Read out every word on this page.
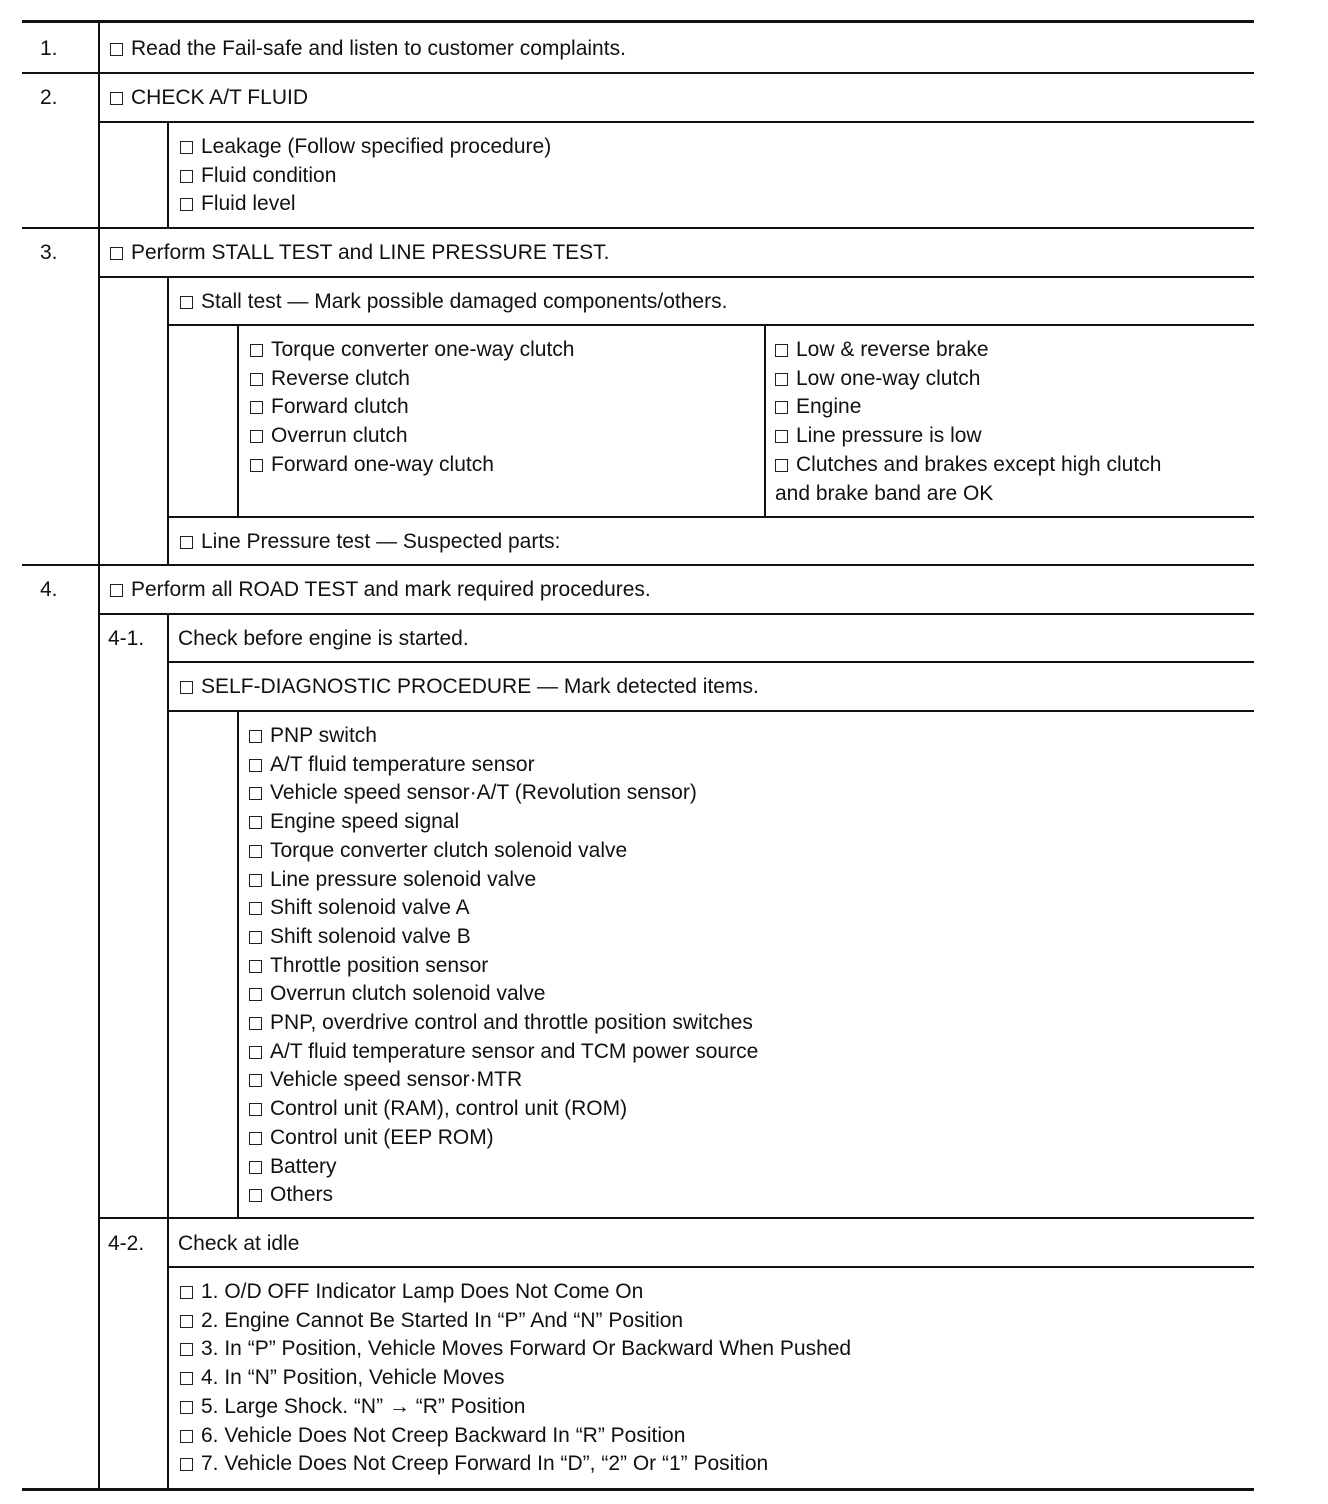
1.	Read the Fail-safe and listen to customer complaints.
2.	CHECK A/T FLUID
Leakage (Follow specified procedure)
Fluid condition
Fluid level
3.	Perform STALL TEST and LINE PRESSURE TEST.
Stall test — Mark possible damaged components/others.
Torque converter one-way clutch
Reverse clutch
Forward clutch
Overrun clutch
Forward one-way clutch
Low & reverse brake
Low one-way clutch
Engine
Line pressure is low
Clutches and brakes except high clutch
and brake band are OK
Line Pressure test — Suspected parts:
4.	Perform all ROAD TEST and mark required procedures.
4-1. Check before engine is started.
SELF-DIAGNOSTIC PROCEDURE — Mark detected items.
PNP switch
A/T fluid temperature sensor
Vehicle speed sensor·A/T (Revolution sensor)
Engine speed signal
Torque converter clutch solenoid valve
Line pressure solenoid valve
Shift solenoid valve A
Shift solenoid valve B
Throttle position sensor
Overrun clutch solenoid valve
PNP, overdrive control and throttle position switches
A/T fluid temperature sensor and TCM power source
Vehicle speed sensor·MTR
Control unit (RAM), control unit (ROM)
Control unit (EEP ROM)
Battery
Others
4-2. Check at idle
1. O/D OFF Indicator Lamp Does Not Come On
2. Engine Cannot Be Started In “P” And “N” Position
3. In “P” Position, Vehicle Moves Forward Or Backward When Pushed
4. In “N” Position, Vehicle Moves
5. Large Shock. “N” → “R” Position
6. Vehicle Does Not Creep Backward In “R” Position
7. Vehicle Does Not Creep Forward In “D”, “2” Or “1” Position
